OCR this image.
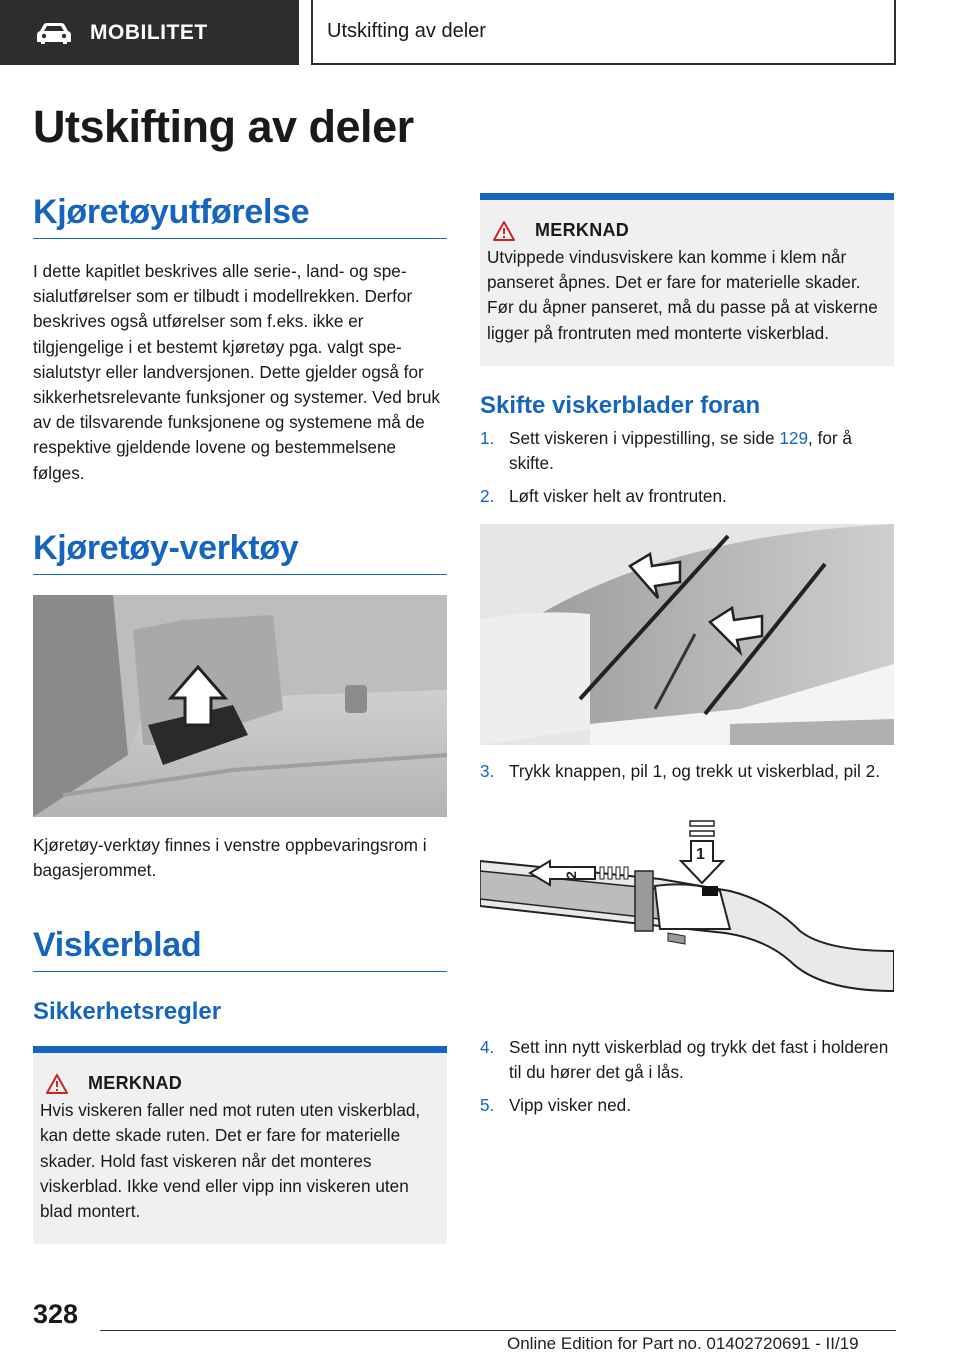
MOBILITET	Utskifting av deler
Utskifting av deler
Kjøretøyutførelse

I dette kapitlet beskrives alle serie-, land- og spesialutførelser som er tilbudt i modellrekken. Derfor beskrives også utførelser som f.eks. ikke er tilgjengelige i et bestemt kjøretøy pga. valgt spesialutstyr eller landversjonen. Dette gjelder også for sikkerhetsrelevante funksjoner og systemer. Ved bruk av de tilsvarende funksjonene og systemene må de respektive gjeldende lovene og bestemmelsene følges.

Kjøretøy-verktøy

Kjøretøy-verktøy finnes i venstre oppbevaringsrom i bagasjerommet.

Viskerblad
Sikkerhetsregler
MERKNAD

Hvis viskeren faller ned mot ruten uten viskerblad, kan dette skade ruten. Det er fare for materielle skader. Hold fast viskeren når det monteres viskerblad. Ikke vend eller vipp inn viskeren uten blad montert.

MERKNAD

Utvippede vindusviskere kan komme i klem når panseret åpnes. Det er fare for materielle skader. Før du åpner panseret, må du passe på at viskerne ligger på frontruten med monterte viskerblad.

Skifte viskerblader foran
1. Sett viskeren i vippestilling, se side 129, for å skifte.
2. Løft visker helt av frontruten.
3. Trykk knappen, pil 1, og trekk ut viskerblad, pil 2.
1
2
4. Sett inn nytt viskerblad og trykk det fast i holderen til du hører det gå i lås.
5. Vipp visker ned.
328
Online Edition for Part no. 01402720691 - II/19
